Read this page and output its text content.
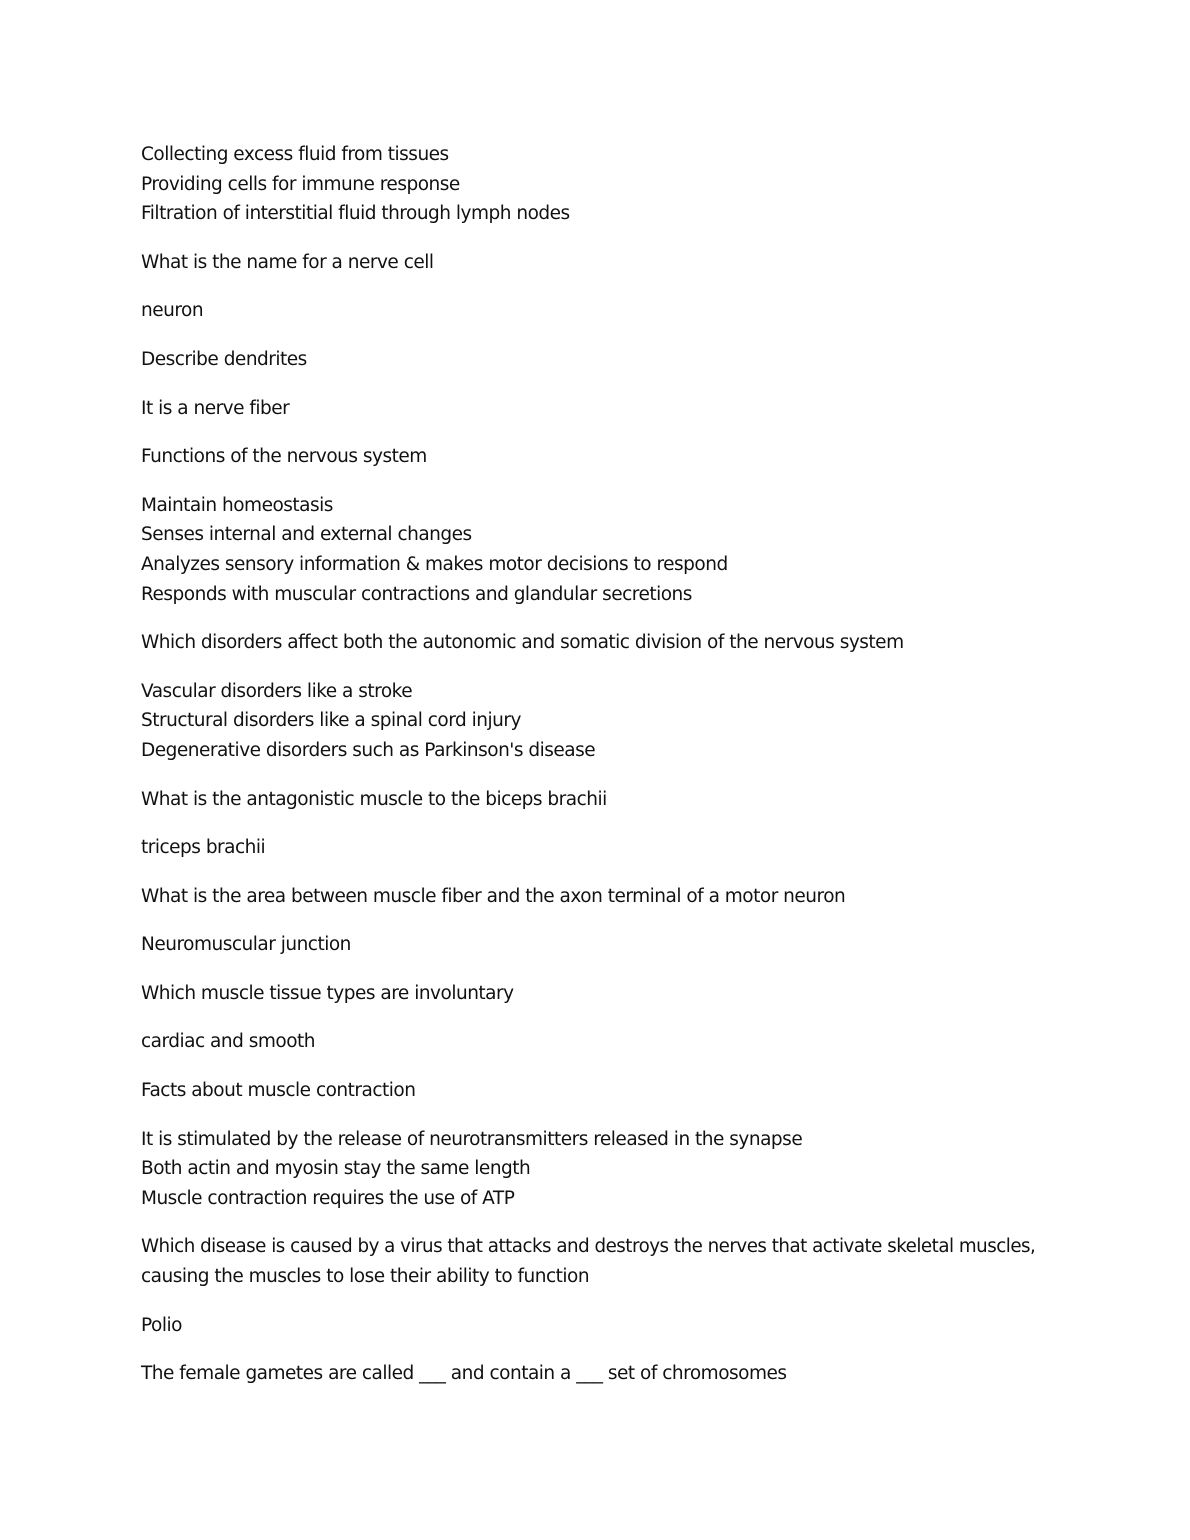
Collecting excess fluid from tissues
Providing cells for immune response
Filtration of interstitial fluid through lymph nodes
What is the name for a nerve cell
neuron
Describe dendrites
It is a nerve fiber
Functions of the nervous system
Maintain homeostasis
Senses internal and external changes
Analyzes sensory information & makes motor decisions to respond
Responds with muscular contractions and glandular secretions
Which disorders affect both the autonomic and somatic division of the nervous system
Vascular disorders like a stroke
Structural disorders like a spinal cord injury
Degenerative disorders such as Parkinson's disease
What is the antagonistic muscle to the biceps brachii
triceps brachii
What is the area between muscle fiber and the axon terminal of a motor neuron
Neuromuscular junction
Which muscle tissue types are involuntary
cardiac and smooth
Facts about muscle contraction
It is stimulated by the release of neurotransmitters released in the synapse
Both actin and myosin stay the same length
Muscle contraction requires the use of ATP
Which disease is caused by a virus that attacks and destroys the nerves that activate skeletal muscles,
causing the muscles to lose their ability to function
Polio
The female gametes are called ___ and contain a ___ set of chromosomes
